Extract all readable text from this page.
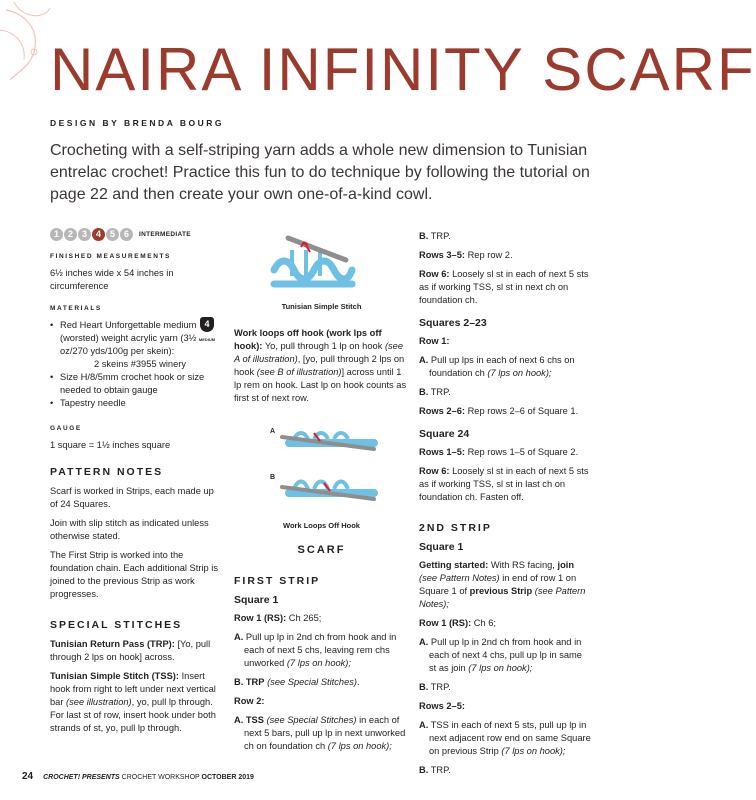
NAIRA INFINITY SCARF
DESIGN BY BRENDA BOURG

Crocheting with a self-striping yarn adds a whole new dimension to Tunisian entrelac crochet! Practice this fun to do technique by following the tutorial on page 22 and then create your own one-of-a-kind cowl.

1 2 3 4 5 6	INTERMEDIATE
FINISHED MEASUREMENTS
6½ inches wide x 54 inches in circumference
MATERIALS
4
MEDIUM
• Red Heart Unforgettable medium (worsted) weight acrylic yarn (3½ oz/270 yds/100g per skein):
2 skeins #3955 winery
• Size H/8/5mm crochet hook or size needed to obtain gauge
• Tapestry needle
GAUGE
1 square = 1½ inches square
PATTERN NOTES

Scarf is worked in Strips, each made up of 24 Squares.

Join with slip stitch as indicated unless otherwise stated.

The First Strip is worked into the foundation chain. Each additional Strip is joined to the previous Strip as work progresses.

SPECIAL STITCHES

Tunisian Return Pass (TRP): [Yo, pull through 2 lps on hook] across.

Tunisian Simple Stitch (TSS): Insert hook from right to left under next vertical bar (see illustration), yo, pull lp through. For last st of row, insert hook under both strands of st, yo, pull lp through.

Tunisian Simple Stitch

Work loops off hook (work lps off hook): Yo, pull through 1 lp on hook (see A of illustration), [yo, pull through 2 lps on hook (see B of illustration)] across until 1 lp rem on hook. Last lp on hook counts as first st of next row.

A
B
Work Loops Off Hook
SCARF
FIRST STRIP
Square 1

Row 1 (RS): Ch 265;

A. Pull up lp in 2nd ch from hook and in each of next 5 chs, leaving rem chs unworked (7 lps on hook);

B. TRP (see Special Stitches).

Row 2:

A. TSS (see Special Stitches) in each of next 5 bars, pull up lp in next unworked ch on foundation ch (7 lps on hook);

B. TRP.

Rows 3–5: Rep row 2.

Row 6: Loosely sl st in each of next 5 sts as if working TSS, sl st in next ch on foundation ch.

Squares 2–23

Row 1:

A. Pull up lps in each of next 6 chs on foundation ch (7 lps on hook);

B. TRP.

Rows 2–6: Rep rows 2–6 of Square 1.

Square 24

Rows 1–5: Rep rows 1–5 of Square 2.

Row 6: Loosely sl st in each of next 5 sts as if working TSS, sl st in last ch on foundation ch. Fasten off.

2ND STRIP
Square 1

Getting started: With RS facing, join (see Pattern Notes) in end of row 1 on Square 1 of previous Strip (see Pattern Notes);

Row 1 (RS): Ch 6;

A. Pull up lp in 2nd ch from hook and in each of next 4 chs, pull up lp in same st as join (7 lps on hook);

B. TRP.

Rows 2–5:

A. TSS in each of next 5 sts, pull up lp in next adjacent row end on same Square on previous Strip (7 lps on hook);

B. TRP.

24 CROCHET! PRESENTS CROCHET WORKSHOP OCTOBER 2019
